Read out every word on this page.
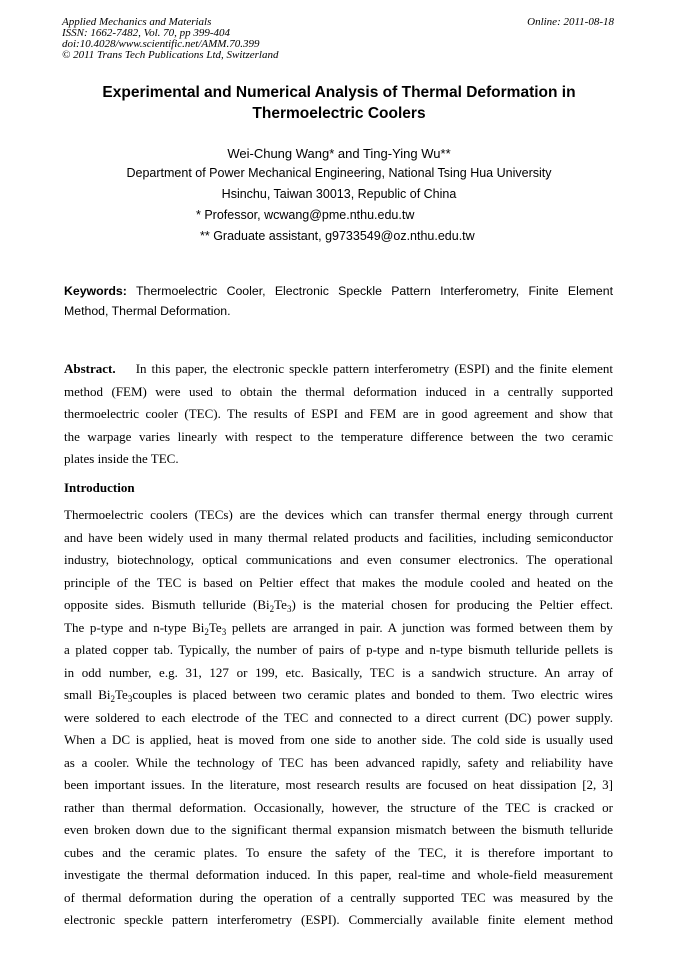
Applied Mechanics and Materials
ISSN: 1662-7482, Vol. 70, pp 399-404
doi:10.4028/www.scientific.net/AMM.70.399
© 2011 Trans Tech Publications Ltd, Switzerland
Online: 2011-08-18
Experimental and Numerical Analysis of Thermal Deformation in
Thermoelectric Coolers
Wei-Chung Wang* and Ting-Ying Wu**
Department of Power Mechanical Engineering, National Tsing Hua University
Hsinchu, Taiwan 30013, Republic of China
* Professor, wcwang@pme.nthu.edu.tw
** Graduate assistant, g9733549@oz.nthu.edu.tw
Keywords: Thermoelectric Cooler, Electronic Speckle Pattern Interferometry, Finite Element
Method, Thermal Deformation.
Abstract. In this paper, the electronic speckle pattern interferometry (ESPI) and the finite element
method (FEM) were used to obtain the thermal deformation induced in a centrally supported
thermoelectric cooler (TEC). The results of ESPI and FEM are in good agreement and show that
the warpage varies linearly with respect to the temperature difference between the two ceramic
plates inside the TEC.
Introduction
Thermoelectric coolers (TECs) are the devices which can transfer thermal energy through current
and have been widely used in many thermal related products and facilities, including semiconductor
industry, biotechnology, optical communications and even consumer electronics. The operational
principle of the TEC is based on Peltier effect that makes the module cooled and heated on the
opposite sides. Bismuth telluride $(Bi_2Te_3)$ is the material chosen for producing the Peltier effect.
The p-type and n-type $Bi_2Te_3$ pellets are arranged in pair. A junction was formed between them by
a plated copper tab. Typically, the number of pairs of p-type and n-type bismuth telluride pellets is
in odd number, e.g. 31, 127 or 199, etc. Basically, TEC is a sandwich structure. An array of
small $Bi_2Te_3couples$ is placed between two ceramic plates and bonded to them. Two electric wires
were soldered to each electrode of the TEC and connected to a direct current (DC) power supply.
When a DC is applied, heat is moved from one side to another side. The cold side is usually used
as a cooler. While the technology of TEC has been advanced rapidly, safety and reliability have
been important issues. In the literature, most research results are focused on heat dissipation [2, 3]
rather than thermal deformation. Occasionally, however, the structure of the TEC is cracked or
even broken down due to the significant thermal expansion mismatch between the bismuth telluride
cubes and the ceramic plates. To ensure the safety of the TEC, it is therefore important to
investigate the thermal deformation induced. In this paper, real-time and whole-field measurement
of thermal deformation during the operation of a centrally supported TEC was measured by the
electronic speckle pattern interferometry (ESPI). Commercially available finite element method
